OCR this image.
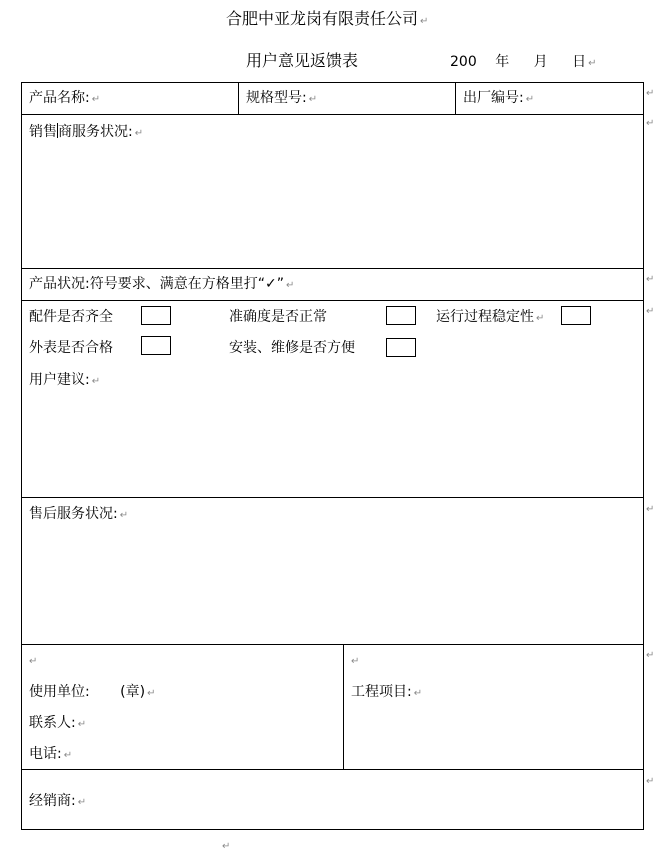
合肥中亚龙岗有限责任公司 ↵
用户意见返馈表	200 年 月 日 ↵
产品名称: ↵	规格型号: ↵	出厂编号: ↵
销售商服务状况: ↵
产品状况:符号要求、满意在方格里打“✓” ↵
配件是否齐全	准确度是否正常	运行过程稳定性 ↵
外表是否合格	安装、维修是否方便
用户建议: ↵
售后服务状况: ↵
↵	↵
使用单位: (章) ↵
联系人: ↵
电话: ↵
工程项目: ↵
经销商: ↵
↵
↵
↵
↵
↵
↵
↵
↵
